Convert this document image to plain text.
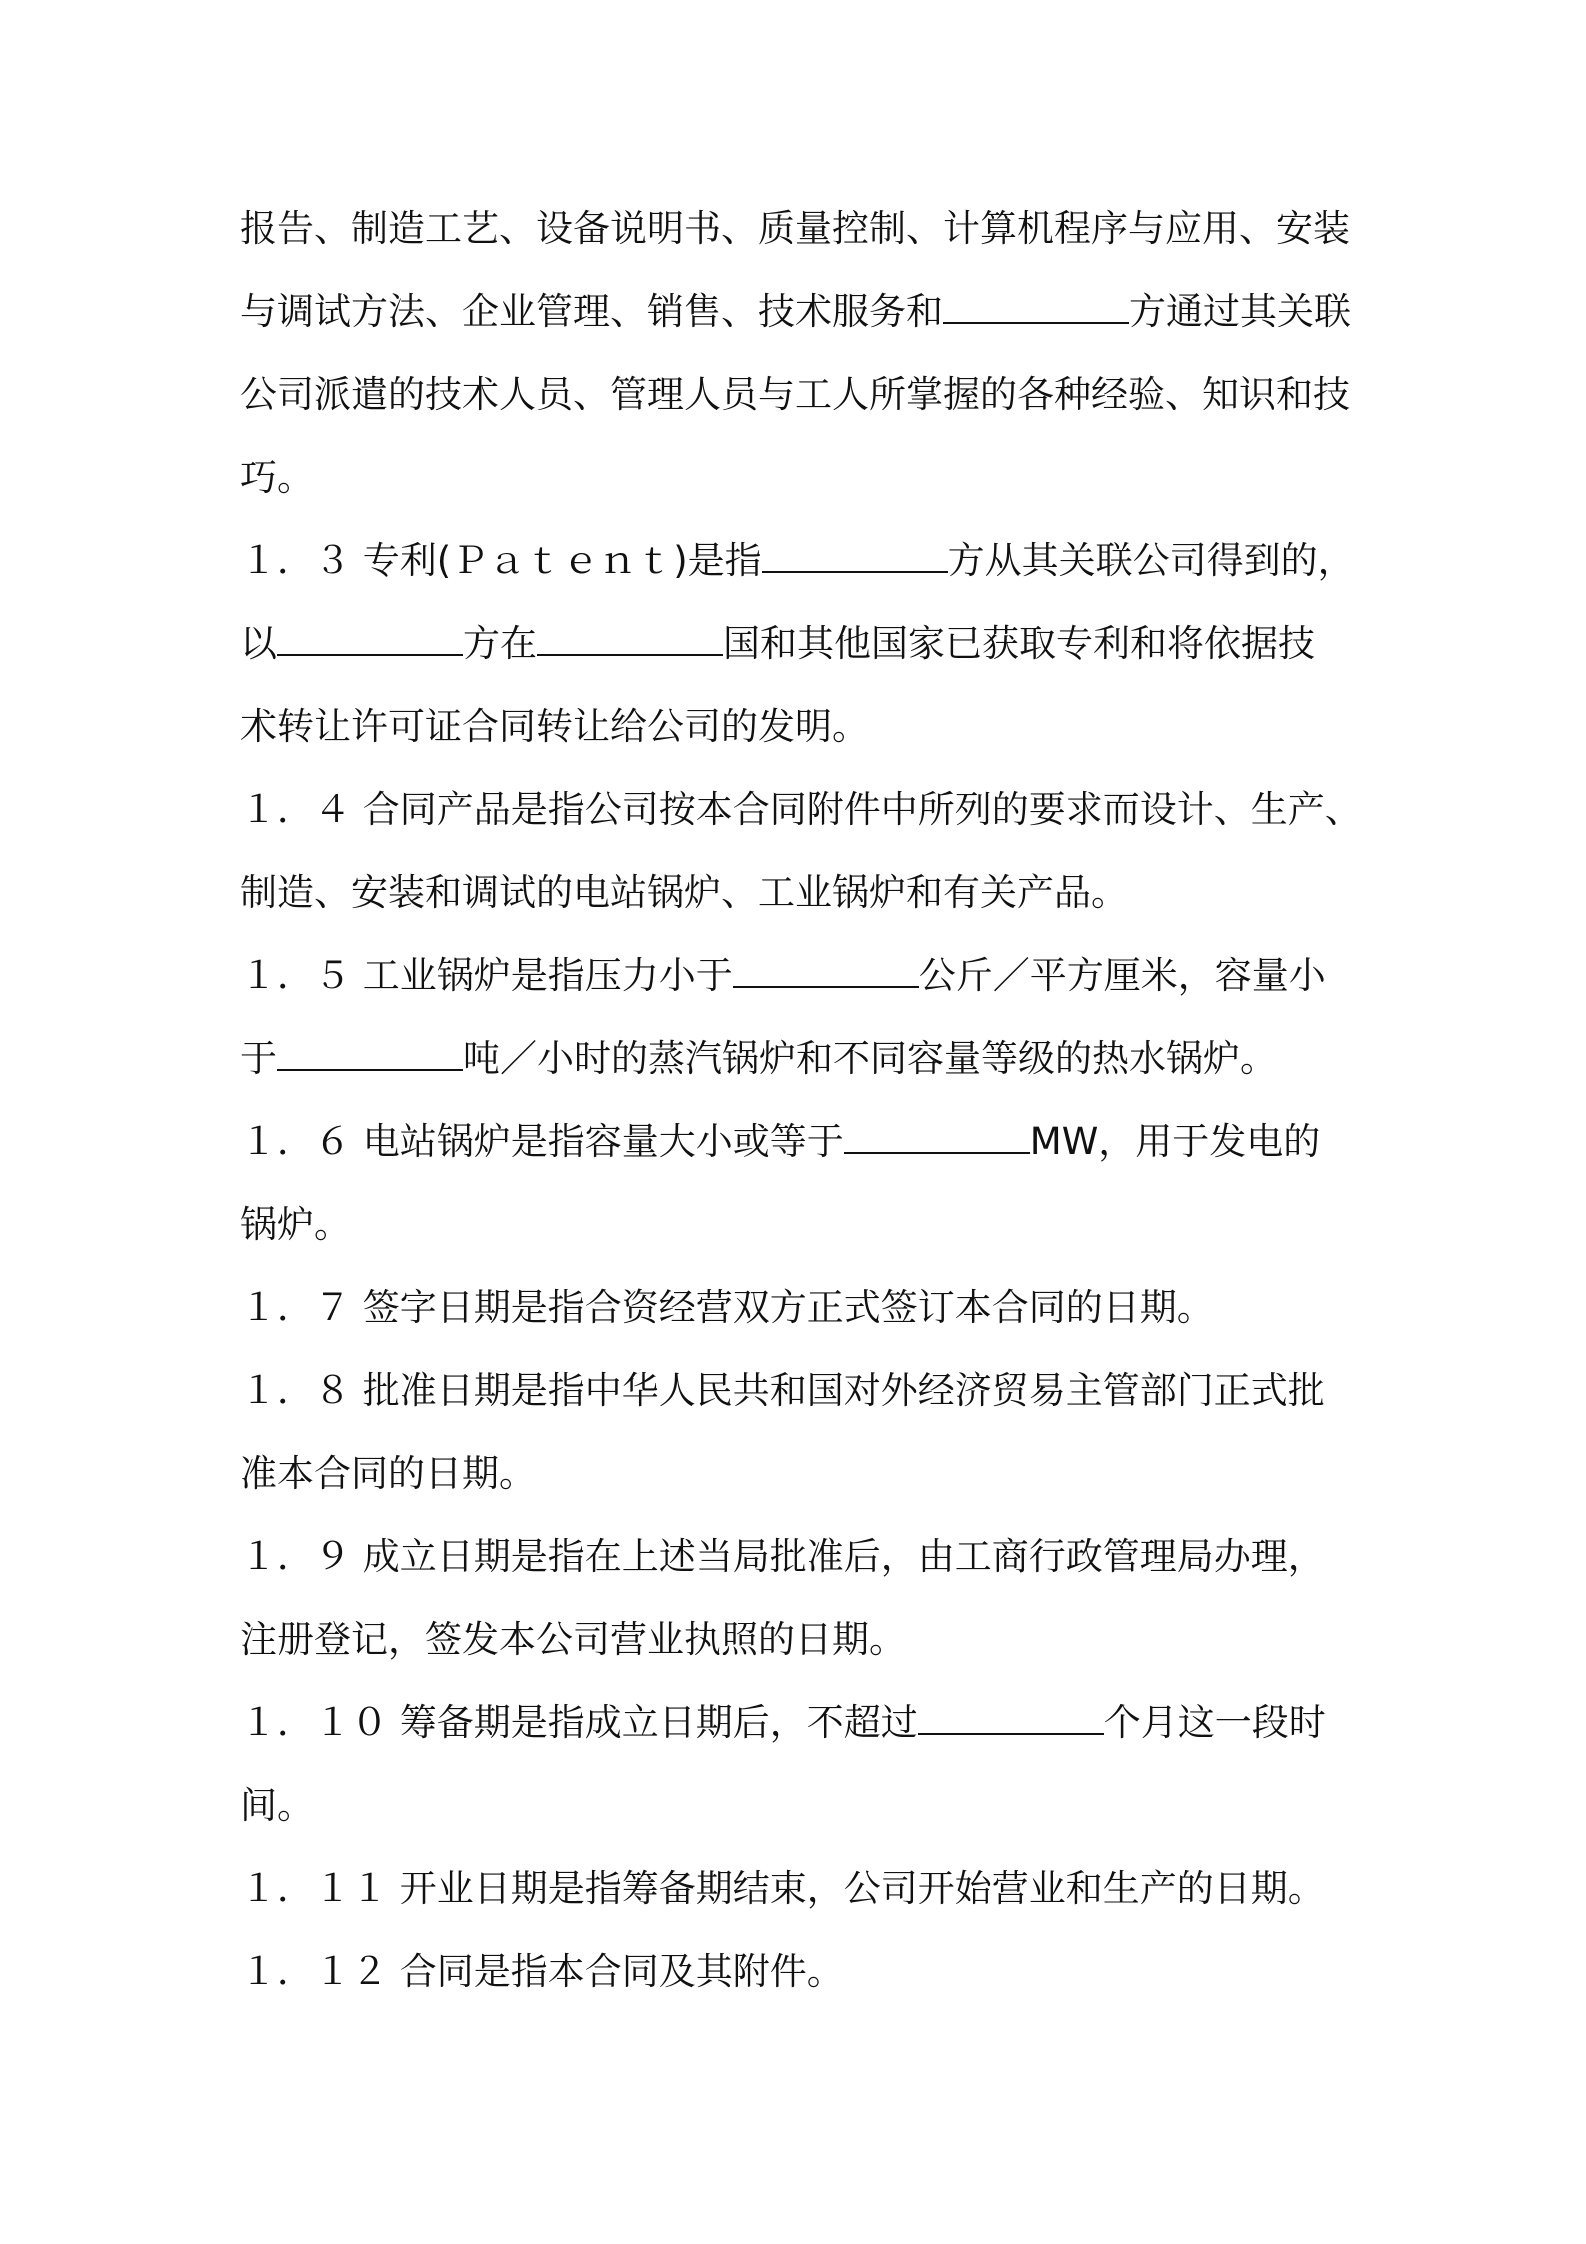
报告、制造工艺、设备说明书、质量控制、计算机程序与应用、安装
与调试方法、企业管理、销售、技术服务和	方通过其关联
公司派遣的技术人员、管理人员与工人所掌握的各种经验、知识和技
巧。
１．３ 专利(Ｐａｔｅｎｔ)是指	方从其关联公司得到的，
以	方在	国和其他国家已获取专利和将依据技
术转让许可证合同转让给公司的发明。
１．４ 合同产品是指公司按本合同附件中所列的要求而设计、生产、
制造、安装和调试的电站锅炉、工业锅炉和有关产品。
１．５ 工业锅炉是指压力小于	公斤／平方厘米，容量小
于	吨／小时的蒸汽锅炉和不同容量等级的热水锅炉。
１．６ 电站锅炉是指容量大小或等于	MW，用于发电的
锅炉。
１．７ 签字日期是指合资经营双方正式签订本合同的日期。
１．８ 批准日期是指中华人民共和国对外经济贸易主管部门正式批
准本合同的日期。
１．９ 成立日期是指在上述当局批准后，由工商行政管理局办理，
注册登记，签发本公司营业执照的日期。
１．１０ 筹备期是指成立日期后，不超过	个月这一段时
间。
１．１１ 开业日期是指筹备期结束，公司开始营业和生产的日期。
１．１２ 合同是指本合同及其附件。
